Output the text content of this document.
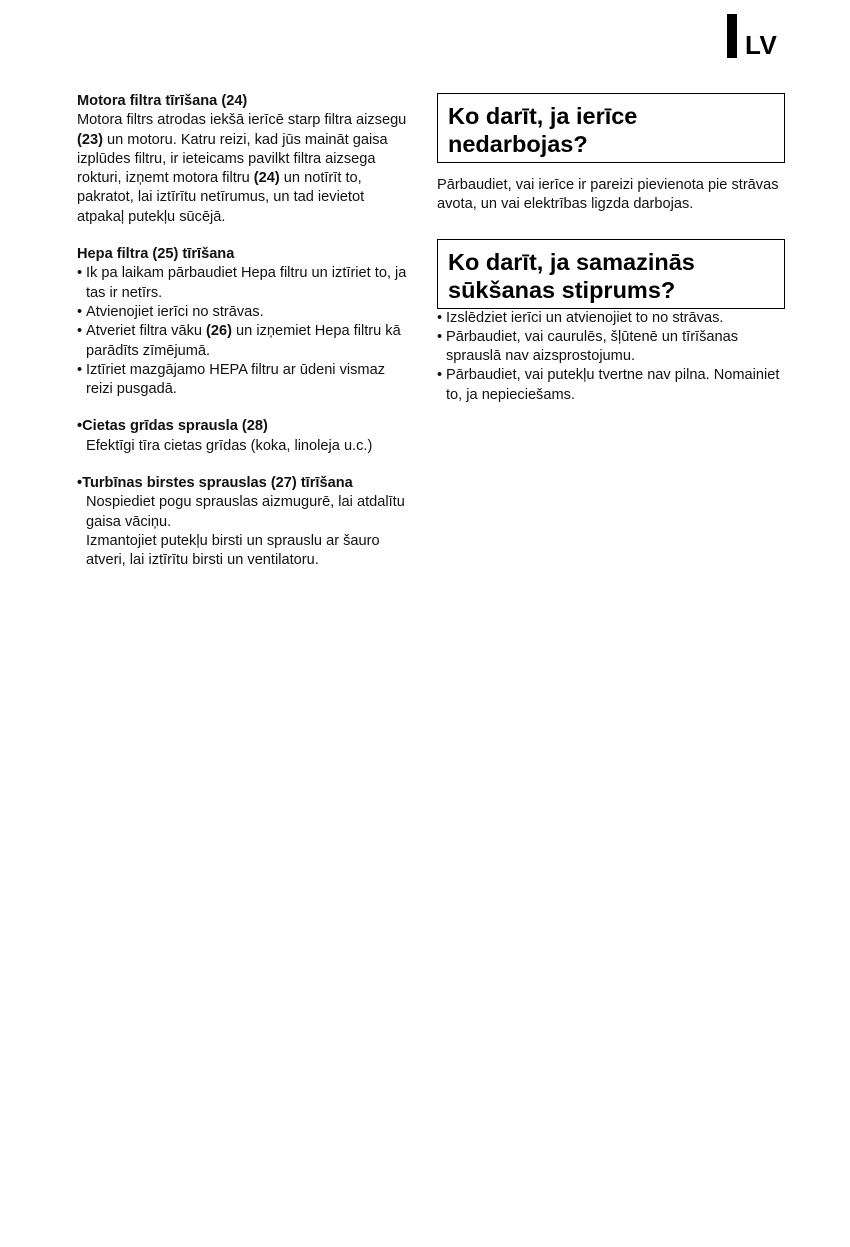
LV
Motora filtra tīrīšana (24)

Motora filtrs atrodas iekšā ierīcē starp filtra aizsegu (23) un motoru. Katru reizi, kad jūs maināt gaisa izplūdes filtru, ir ieteicams pavilkt filtra aizsega rokturi, izņemt motora filtru (24) un notīrīt to, pakratot, lai iztīrītu netīrumus, un tad ievietot atpakaļ putekļu sūcējā.

Hepa filtra (25) tīrīšana
• Ik pa laikam pārbaudiet Hepa filtru un iztīriet to, ja tas ir netīrs.
• Atvienojiet ierīci no strāvas.
• Atveriet filtra vāku (26) un izņemiet Hepa filtru kā parādīts zīmējumā.
• Iztīriet mazgājamo HEPA filtru ar ūdeni vismaz reizi pusgadā.
• Cietas grīdas sprausla (28)
Efektīgi tīra cietas grīdas (koka, linoleja u.c.)
• Turbīnas birstes sprauslas (27) tīrīšana
Nospiediet pogu sprauslas aizmugurē, lai atdalītu gaisa vāciņu.
Izmantojiet putekļu birsti un sprauslu ar šauro atveri, lai iztīrītu birsti un ventilatoru.
Ko darīt, ja ierīce nedarbojas?
Pārbaudiet, vai ierīce ir pareizi pievienota pie strāvas avota, un vai elektrības ligzda darbojas.
Ko darīt, ja samazinās sūkšanas stiprums?
• Izslēdziet ierīci un atvienojiet to no strāvas.
• Pārbaudiet, vai caurulēs, šļūtenē un tīrīšanas sprauslā nav aizsprostojumu.
• Pārbaudiet, vai putekļu tvertne nav pilna. Nomainiet to, ja nepieciešams.
